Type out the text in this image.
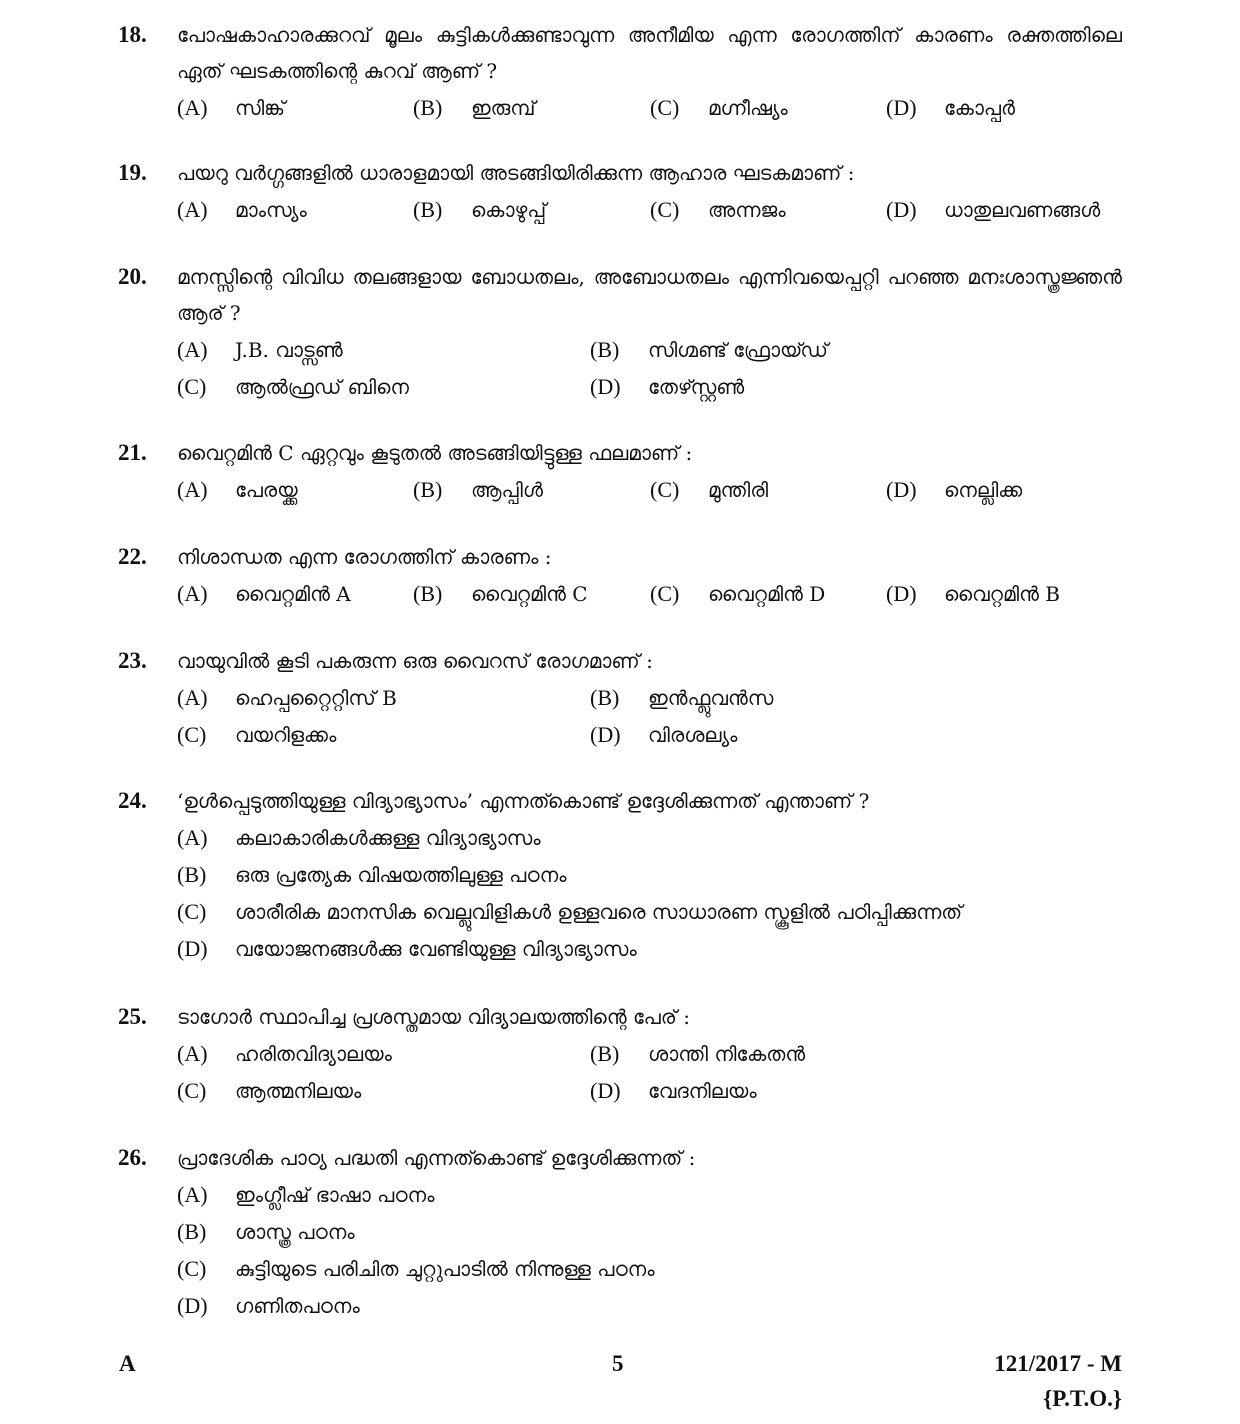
18. പോഷകാഹാരക്കുറവ് മൂലം കുട്ടികൾക്കുണ്ടാവുന്ന അനീമിയ എന്ന രോഗത്തിന് കാരണം രക്തത്തിലെ ഏത് ഘടകത്തിന്റെ കുറവ് ആണ് ?
(A) സിങ്ക്	(B) ഇരുമ്പ്	(C) മഗ്നീഷ്യം	(D) കോപ്പർ
19. പയറു വർഗ്ഗങ്ങളിൽ ധാരാളമായി അടങ്ങിയിരിക്കുന്ന ആഹാര ഘടകമാണ് :
(A) മാംസ്യം	(B) കൊഴുപ്പ്	(C) അന്നജം	(D) ധാതുലവണങ്ങൾ
20. മനസ്സിന്റെ വിവിധ തലങ്ങളായ ബോധതലം, അബോധതലം എന്നിവയെപ്പറ്റി പറഞ്ഞ മനഃശാസ്ത്രജ്ഞൻ ആര് ?
(A) J.B. വാട്സൺ	(B) സിഗ്മണ്ട് ഫ്രോയ്ഡ്
(C) ആൽഫ്രഡ് ബിനെ	(D) തേഴ്സ്റ്റൺ
21. വൈറ്റമിൻ C ഏറ്റവും കൂടുതൽ അടങ്ങിയിട്ടുള്ള ഫലമാണ് :
(A) പേരയ്ക്ക	(B) ആപ്പിൾ	(C) മുന്തിരി	(D) നെല്ലിക്ക
22. നിശാന്ധത എന്ന രോഗത്തിന് കാരണം :
(A) വൈറ്റമിൻ A	(B) വൈറ്റമിൻ C	(C) വൈറ്റമിൻ D	(D) വൈറ്റമിൻ B
23. വായുവിൽ കൂടി പകരുന്ന ഒരു വൈറസ് രോഗമാണ് :
(A) ഹെപ്പറ്റൈറ്റിസ് B	(B) ഇൻഫ്ലുവൻസ
(C) വയറിളക്കം	(D) വിരശല്യം
24. ‘ഉൾപ്പെടുത്തിയുള്ള വിദ്യാഭ്യാസം’ എന്നത്കൊണ്ട് ഉദ്ദേശിക്കുന്നത് എന്താണ് ?
(A) കലാകാരികൾക്കുള്ള വിദ്യാഭ്യാസം
(B) ഒരു പ്രത്യേക വിഷയത്തിലുള്ള പഠനം
(C) ശാരീരിക മാനസിക വെല്ലുവിളികൾ ഉള്ളവരെ സാധാരണ സ്കൂളിൽ പഠിപ്പിക്കുന്നത്
(D) വയോജനങ്ങൾക്കു വേണ്ടിയുള്ള വിദ്യാഭ്യാസം
25. ടാഗോർ സ്ഥാപിച്ച പ്രശസ്തമായ വിദ്യാലയത്തിന്റെ പേര് :
(A) ഹരിതവിദ്യാലയം	(B) ശാന്തി നികേതൻ
(C) ആത്മനിലയം	(D) വേദനിലയം
26. പ്രാദേശിക പാഠ്യ പദ്ധതി എന്നത്കൊണ്ട് ഉദ്ദേശിക്കുന്നത് :
(A) ഇംഗ്ലീഷ് ഭാഷാ പഠനം
(B) ശാസ്ത്ര പഠനം
(C) കുട്ടിയുടെ പരിചിത ചുറ്റുപാടിൽ നിന്നുള്ള പഠനം
(D) ഗണിതപഠനം
A	5	121/2017 - M
{P.T.O.}
